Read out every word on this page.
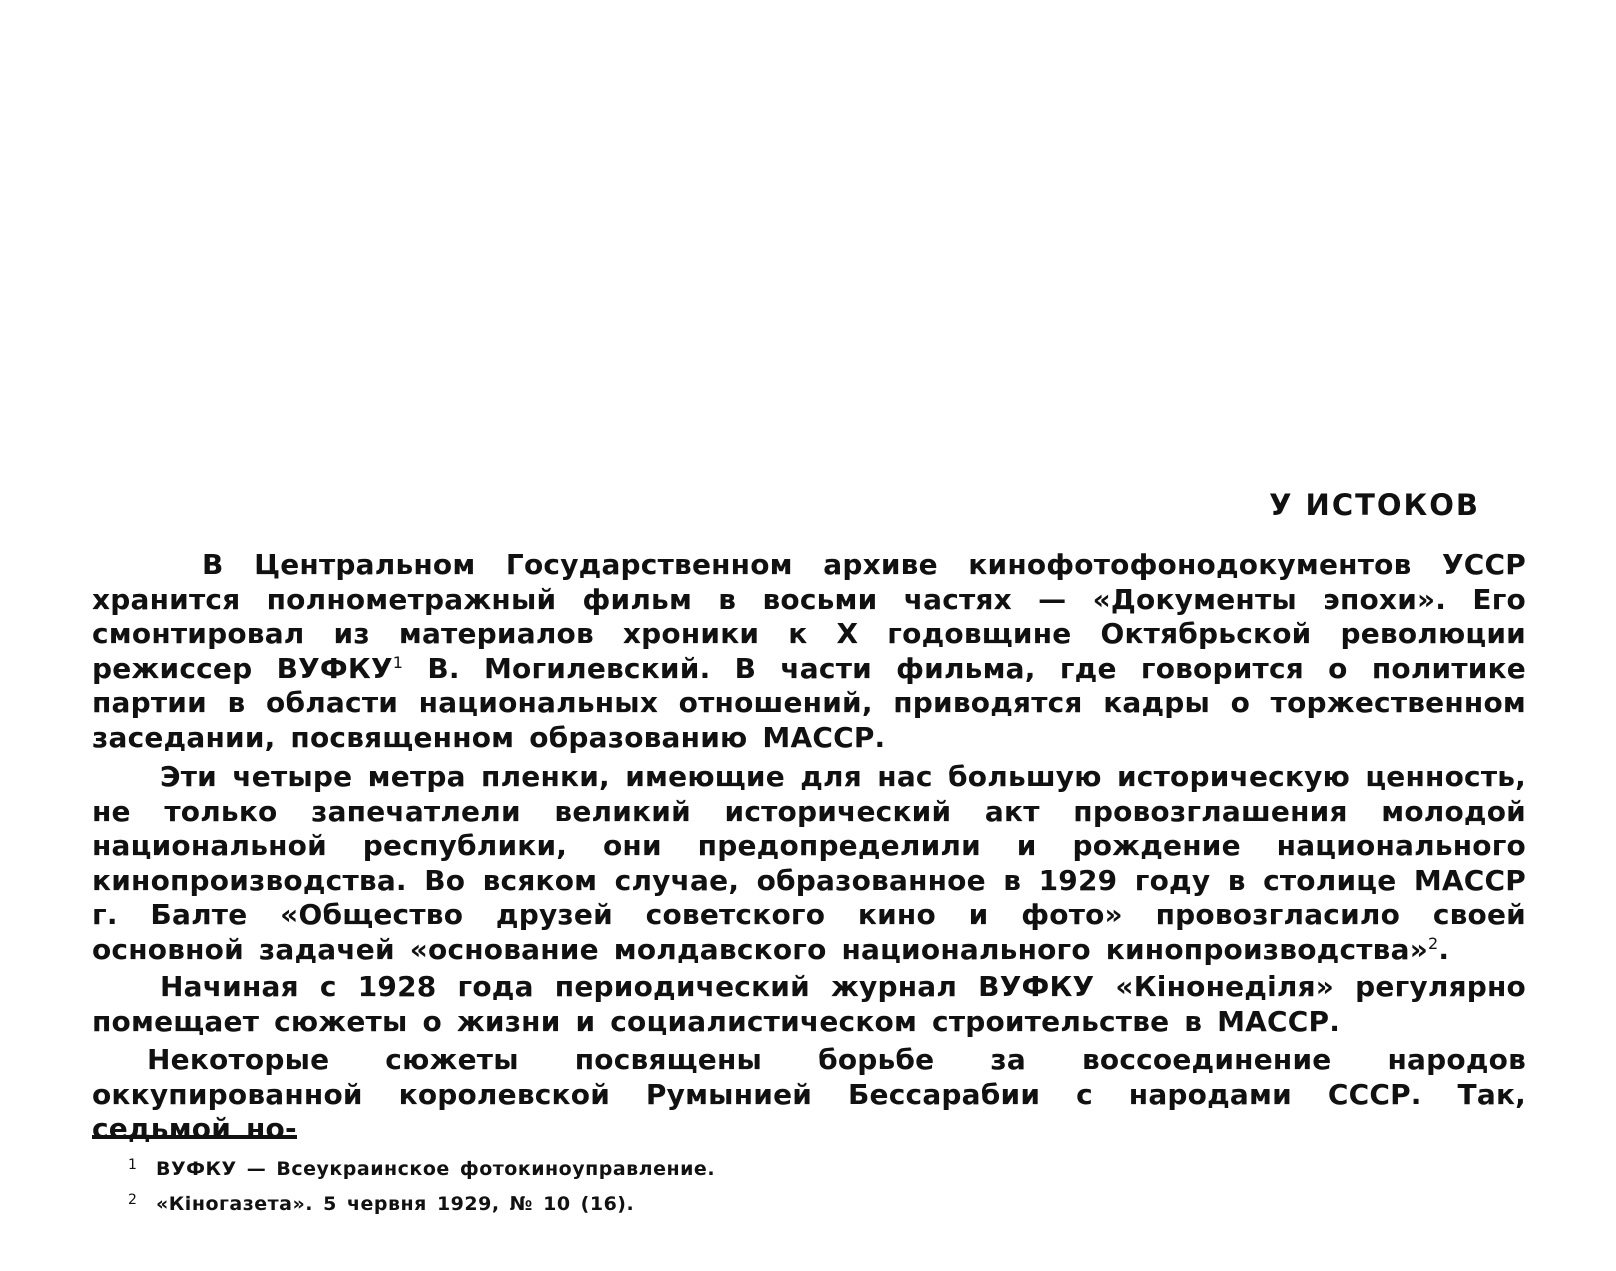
У ИСТОКОВ

В Центральном Государственном архиве кинофотофонодокументов УССР хранится полнометражный фильм в восьми частях — «Документы эпохи». Его смонтировал из материалов хроники к X годовщине Октябрьской революции режиссер ВУФКУ$^1$ В. Могилевский. В части фильма, где говорится о политике партии в области национальных отношений, приводятся кадры о торжественном заседании, посвященном образованию МАССР.

Эти четыре метра пленки, имеющие для нас большую историческую ценность, не только запечатлели великий исторический акт провозглашения молодой национальной республики, они предопределили и рождение национального кинопроизводства. Во всяком случае, образованное в 1929 году в столице МАССР г. Балте «Общество друзей советского кино и фото» провозгласило своей основной задачей «основание молдавского национального кинопроизводства»$^2$.

Начиная с 1928 года периодический журнал ВУФКУ «Кінонеділя» регулярно помещает сюжеты о жизни и социалистическом строительстве в МАССР.

Некоторые сюжеты посвящены борьбе за воссоединение народов оккупированной королевской Румынией Бессарабии с народами СССР. Так, седьмой но-

1 ВУФКУ — Всеукраинское фотокиноуправление.

2 «Кіногазета». 5 червня 1929, № 10 (16).
